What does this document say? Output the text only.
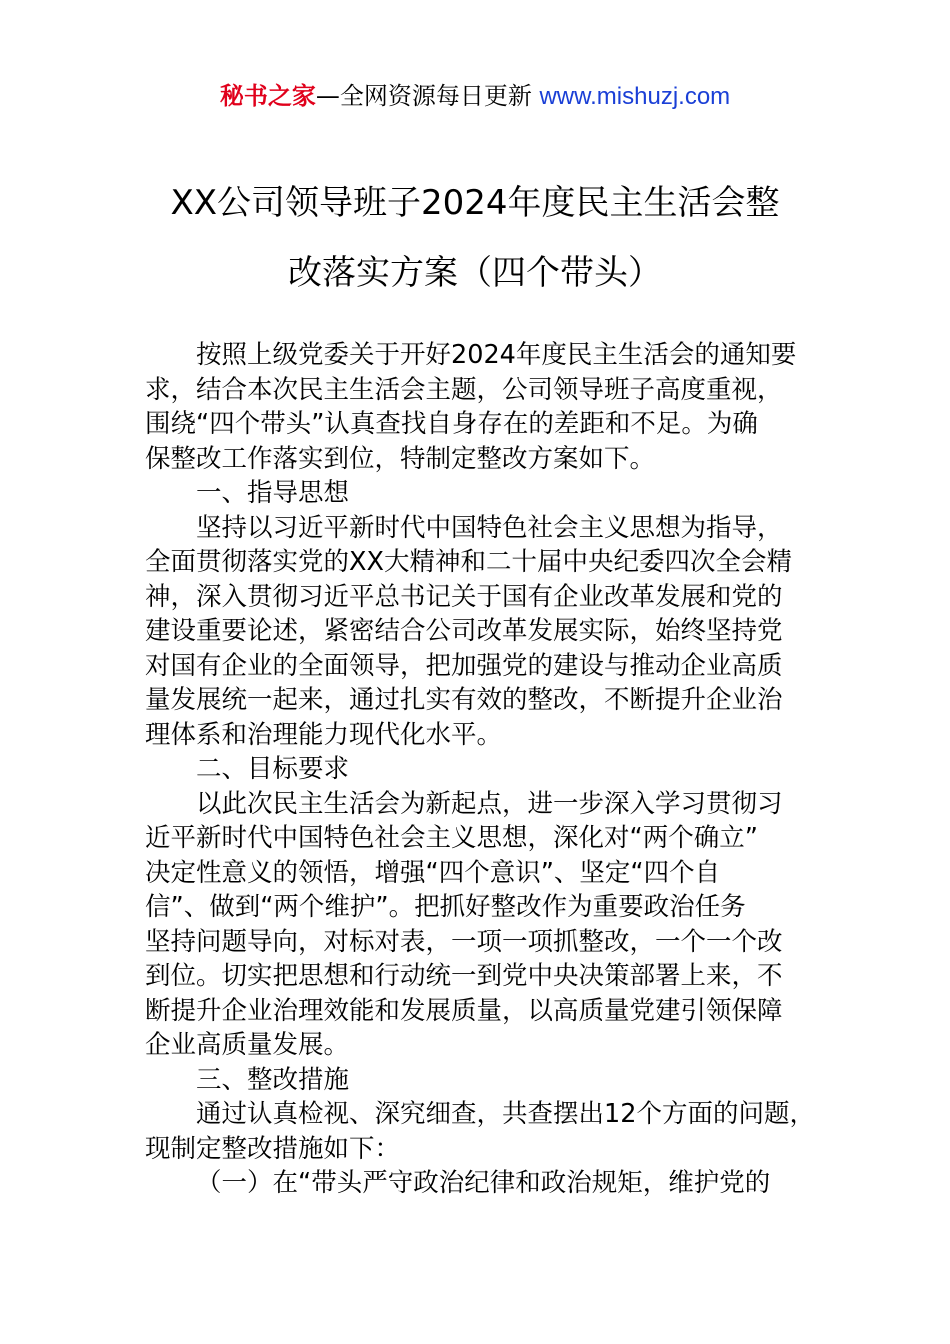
秘书之家—全网资源每日更新 www.mishuzj.com
XX公司领导班子2024年度民主生活会整
改落实方案（四个带头）

按照上级党委关于开好2024年度民主生活会的通知要
求，结合本次民主生活会主题，公司领导班子高度重视，
围绕“四个带头”认真查找自身存在的差距和不足。为确
保整改工作落实到位，特制定整改方案如下。

一、指导思想

坚持以习近平新时代中国特色社会主义思想为指导，
全面贯彻落实党的XX大精神和二十届中央纪委四次全会精
神，深入贯彻习近平总书记关于国有企业改革发展和党的
建设重要论述，紧密结合公司改革发展实际，始终坚持党
对国有企业的全面领导，把加强党的建设与推动企业高质
量发展统一起来，通过扎实有效的整改，不断提升企业治
理体系和治理能力现代化水平。

二、目标要求

以此次民主生活会为新起点，进一步深入学习贯彻习
近平新时代中国特色社会主义思想，深化对“两个确立”
决定性意义的领悟，增强“四个意识”、坚定“四个自
信”、做到“两个维护”。把抓好整改作为重要政治任务
坚持问题导向，对标对表，一项一项抓整改，一个一个改
到位。切实把思想和行动统一到党中央决策部署上来，不
断提升企业治理效能和发展质量，以高质量党建引领保障
企业高质量发展。

三、整改措施

通过认真检视、深究细查，共查摆出12个方面的问题，
现制定整改措施如下：

（一）在“带头严守政治纪律和政治规矩，维护党的
